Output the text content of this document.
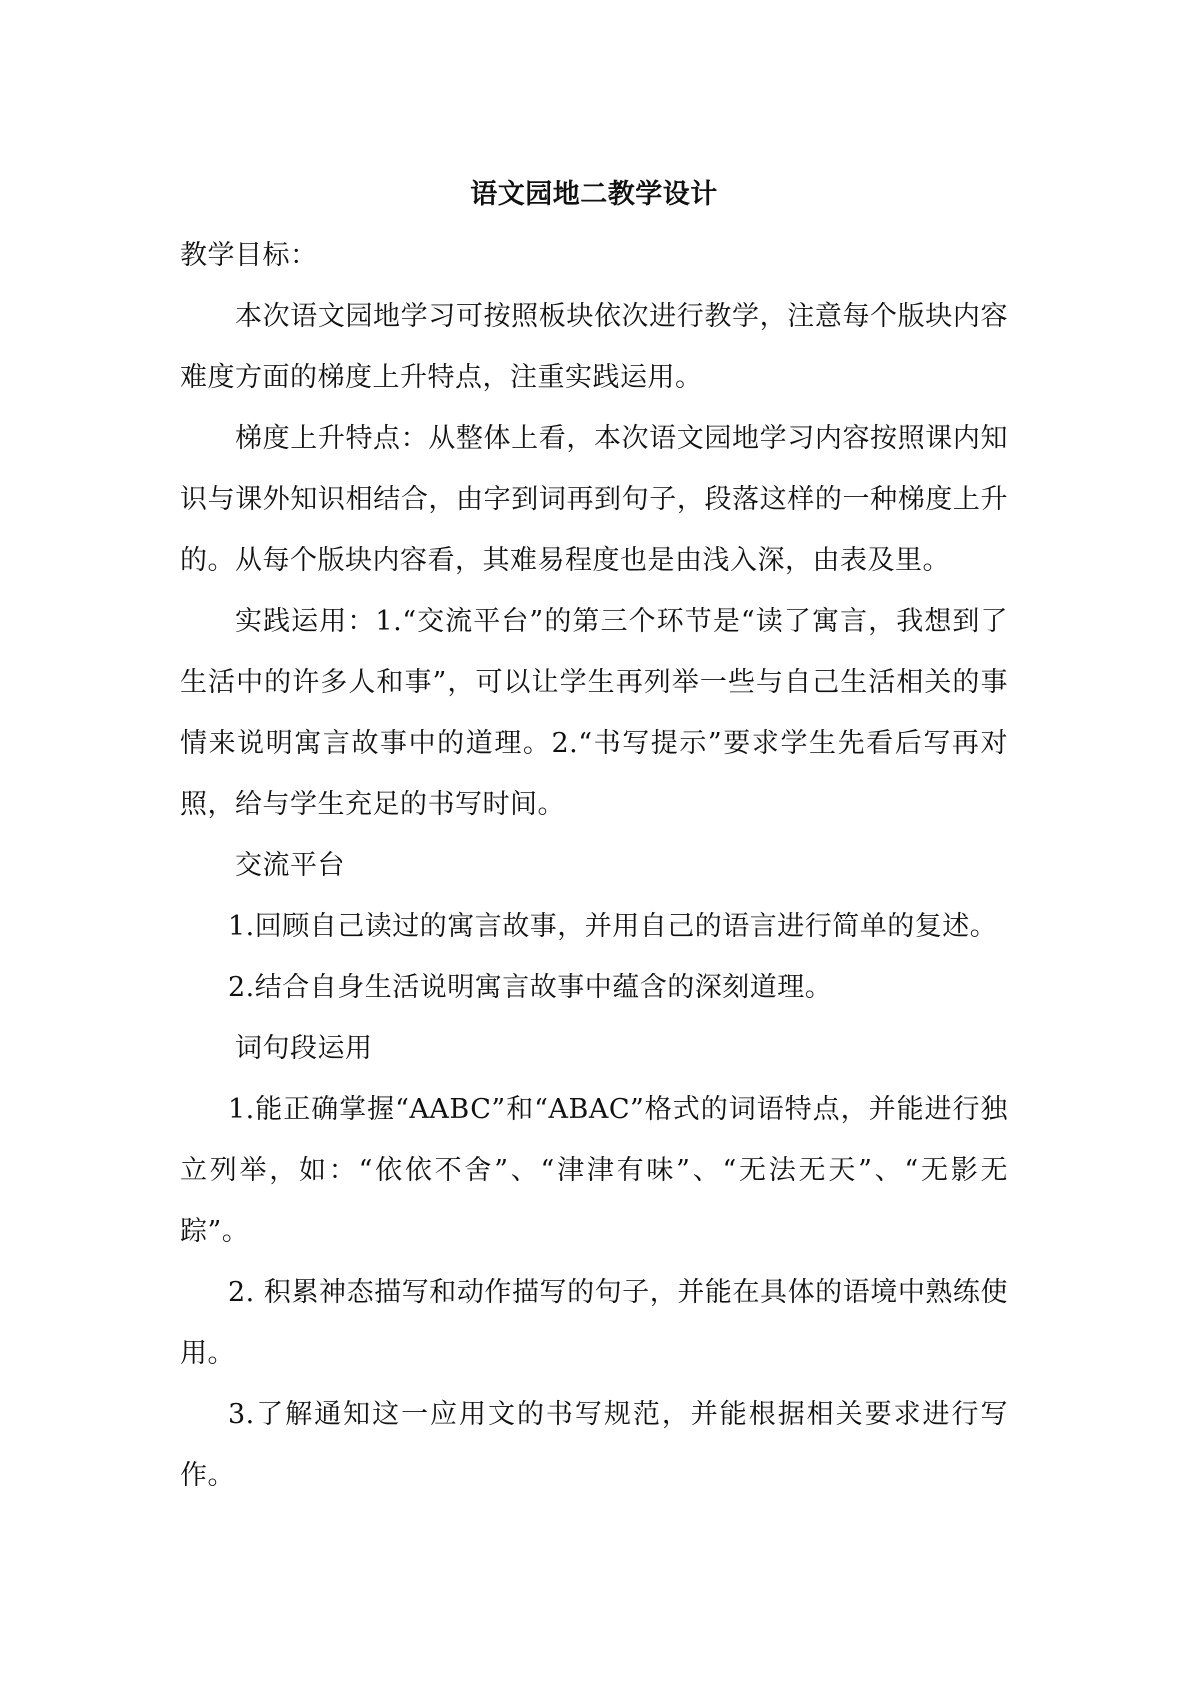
语文园地二教学设计

教学目标：

本次语文园地学习可按照板块依次进行教学，注意每个版块内容难度方面的梯度上升特点，注重实践运用。

梯度上升特点：从整体上看，本次语文园地学习内容按照课内知识与课外知识相结合，由字到词再到句子，段落这样的一种梯度上升的。从每个版块内容看，其难易程度也是由浅入深，由表及里。

实践运用：1.“交流平台”的第三个环节是“读了寓言，我想到了生活中的许多人和事”，可以让学生再列举一些与自己生活相关的事情来说明寓言故事中的道理。2.“书写提示”要求学生先看后写再对照，给与学生充足的书写时间。

交流平台

1.回顾自己读过的寓言故事，并用自己的语言进行简单的复述。

2.结合自身生活说明寓言故事中蕴含的深刻道理。

词句段运用

1.能正确掌握“AABC”和“ABAC”格式的词语特点，并能进行独立列举，如：“依依不舍”、“津津有味”、“无法无天”、“无影无踪”。

2. 积累神态描写和动作描写的句子，并能在具体的语境中熟练使用。

3.了解通知这一应用文的书写规范，并能根据相关要求进行写作。
